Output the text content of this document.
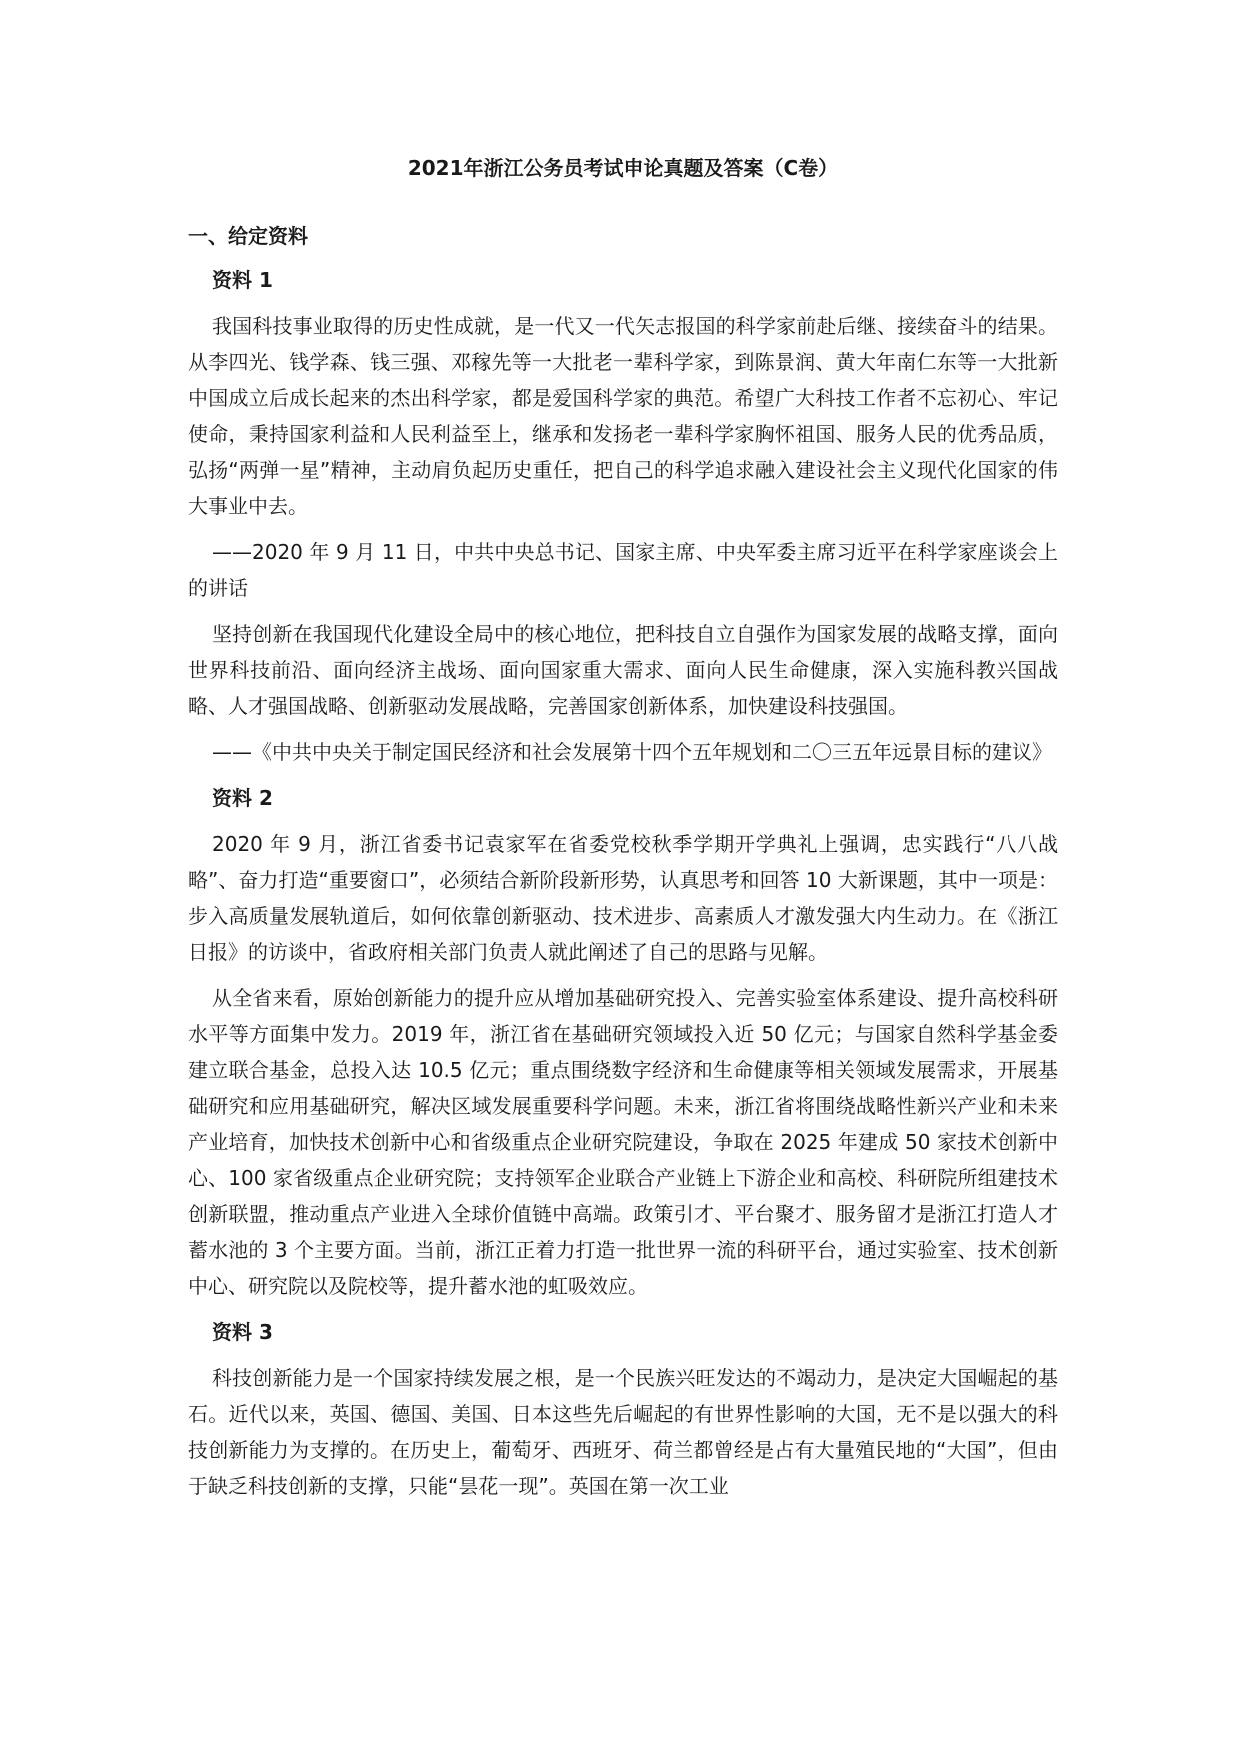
2021年浙江公务员考试申论真题及答案（C卷）
一、给定资料
资料 1

我国科技事业取得的历史性成就，是一代又一代矢志报国的科学家前赴后继、接续奋斗的结果。从李四光、钱学森、钱三强、邓稼先等一大批老一辈科学家，到陈景润、黄大年南仁东等一大批新中国成立后成长起来的杰出科学家，都是爱国科学家的典范。希望广大科技工作者不忘初心、牢记使命，秉持国家利益和人民利益至上，继承和发扬老一辈科学家胸怀祖国、服务人民的优秀品质，弘扬“两弹一星”精神，主动肩负起历史重任，把自己的科学追求融入建设社会主义现代化国家的伟大事业中去。

——2020 年 9 月 11 日，中共中央总书记、国家主席、中央军委主席习近平在科学家座谈会上的讲话

坚持创新在我国现代化建设全局中的核心地位，把科技自立自强作为国家发展的战略支撑，面向世界科技前沿、面向经济主战场、面向国家重大需求、面向人民生命健康，深入实施科教兴国战略、人才强国战略、创新驱动发展战略，完善国家创新体系，加快建设科技强国。

——《中共中央关于制定国民经济和社会发展第十四个五年规划和二〇三五年远景目标的建议》

资料 2

2020 年 9 月，浙江省委书记袁家军在省委党校秋季学期开学典礼上强调，忠实践行“八八战略”、奋力打造“重要窗口”，必须结合新阶段新形势，认真思考和回答 10 大新课题，其中一项是：步入高质量发展轨道后，如何依靠创新驱动、技术进步、高素质人才激发强大内生动力。在《浙江日报》的访谈中，省政府相关部门负责人就此阐述了自己的思路与见解。

从全省来看，原始创新能力的提升应从增加基础研究投入、完善实验室体系建设、提升高校科研水平等方面集中发力。2019 年，浙江省在基础研究领域投入近 50 亿元；与国家自然科学基金委建立联合基金，总投入达 10.5 亿元；重点围绕数字经济和生命健康等相关领域发展需求，开展基础研究和应用基础研究，解决区域发展重要科学问题。未来，浙江省将围绕战略性新兴产业和未来产业培育，加快技术创新中心和省级重点企业研究院建设，争取在 2025 年建成 50 家技术创新中心、100 家省级重点企业研究院；支持领军企业联合产业链上下游企业和高校、科研院所组建技术创新联盟，推动重点产业进入全球价值链中高端。政策引才、平台聚才、服务留才是浙江打造人才蓄水池的 3 个主要方面。当前，浙江正着力打造一批世界一流的科研平台，通过实验室、技术创新中心、研究院以及院校等，提升蓄水池的虹吸效应。

资料 3

科技创新能力是一个国家持续发展之根，是一个民族兴旺发达的不竭动力，是决定大国崛起的基石。近代以来，英国、德国、美国、日本这些先后崛起的有世界性影响的大国，无不是以强大的科技创新能力为支撑的。在历史上，葡萄牙、西班牙、荷兰都曾经是占有大量殖民地的“大国”，但由于缺乏科技创新的支撑，只能“昙花一现”。英国在第一次工业
